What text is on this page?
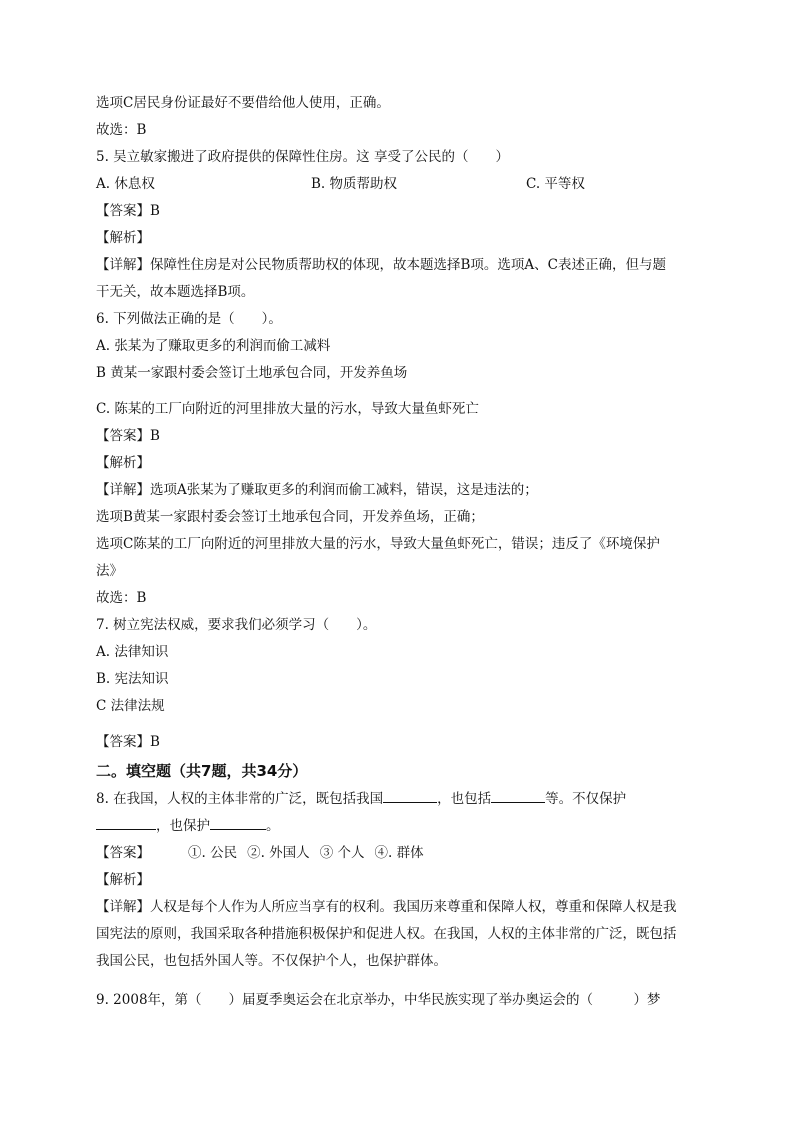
选项C居民身份证最好不要借给他人使用，正确。
故选：B
5. 吴立敏家搬进了政府提供的保障性住房。这 享受了公民的（　　）
A. 休息权	B. 物质帮助权	C. 平等权
【答案】B
【解析】
【详解】保障性住房是对公民物质帮助权的体现，故本题选择B项。选项A、C表述正确，但与题
干无关，故本题选择B项。
6. 下列做法正确的是（　　）。
A. 张某为了赚取更多的利润而偷工减料
B 黄某一家跟村委会签订土地承包合同，开发养鱼场
C. 陈某的工厂向附近的河里排放大量的污水，导致大量鱼虾死亡
【答案】B
【解析】
【详解】选项A张某为了赚取更多的利润而偷工减料，错误，这是违法的；
选项B黄某一家跟村委会签订土地承包合同，开发养鱼场，正确；
选项C陈某的工厂向附近的河里排放大量的污水，导致大量鱼虾死亡，错误；违反了《环境保护
法》
故选：B
7. 树立宪法权威，要求我们必须学习（　　）。
A. 法律知识
B. 宪法知识
C 法律法规
【答案】B
二。填空题（共7题，共34分）
8. 在我国，人权的主体非常的广泛，既包括我国	，也包括	等。不仅保护
，也保护	。
【答案】	①. 公民 ②. 外国人 ③ 个人 ④. 群体
【解析】
【详解】人权是每个人作为人所应当享有的权利。我国历来尊重和保障人权，尊重和保障人权是我
国宪法的原则，我国采取各种措施积极保护和促进人权。在我国，人权的主体非常的广泛，既包括
我国公民，也包括外国人等。不仅保护个人，也保护群体。
9. 2008年，第（　　）届夏季奥运会在北京举办，中华民族实现了举办奥运会的（　　　）梦
